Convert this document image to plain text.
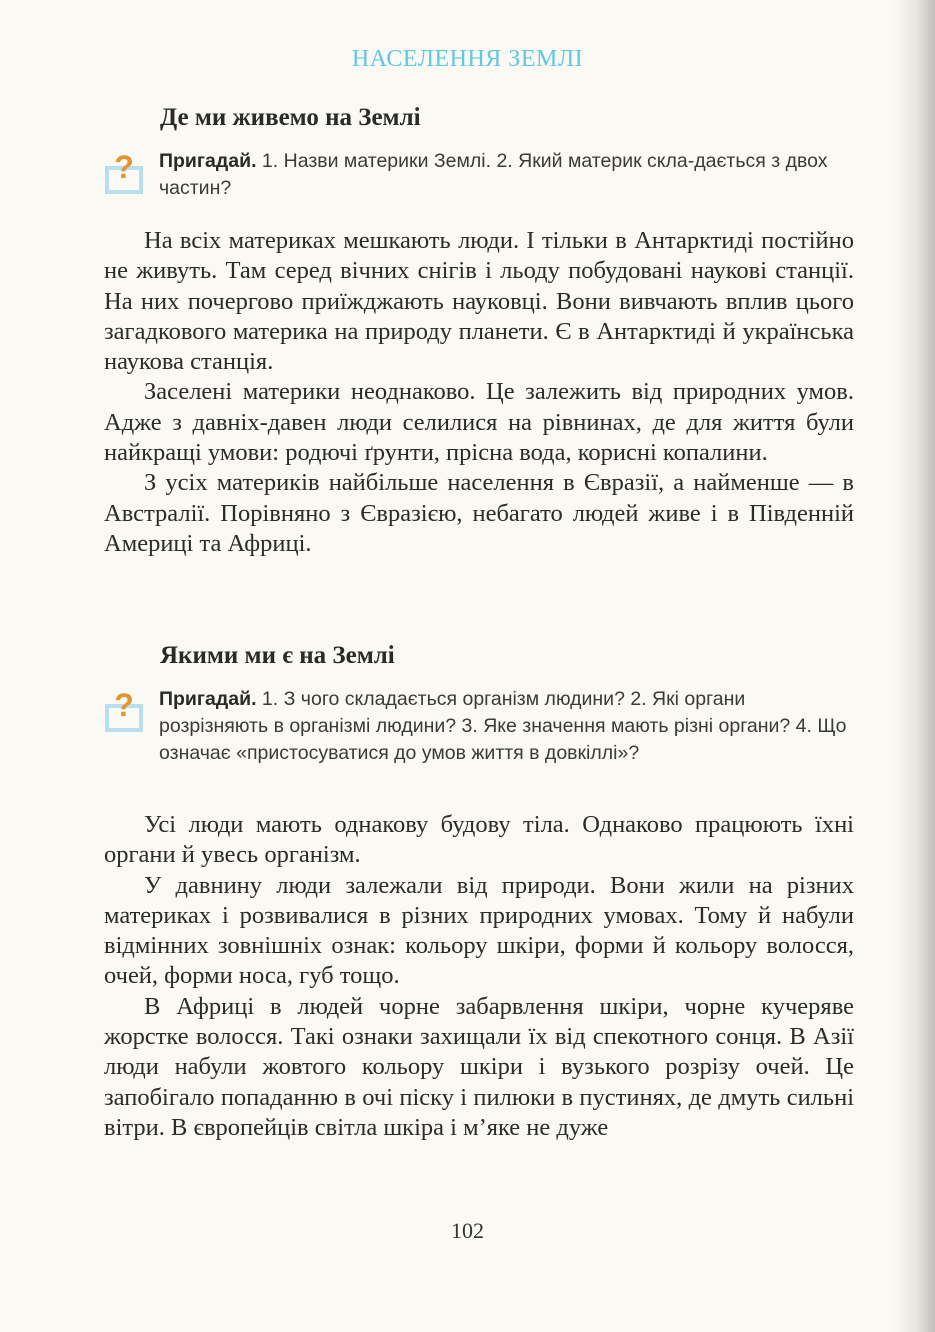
НАСЕЛЕННЯ ЗЕМЛІ
Де ми живемо на Землі
? Пригадай. 1. Назви материки Землі. 2. Який материк скла-дається з двох частин?

На всіх материках мешкають люди. І тільки в Антарктиді постійно не живуть. Там серед вічних снігів і льоду побудовані наукові станції. На них почергово приїжджають науковці. Вони вивчають вплив цього загадкового материка на природу планети. Є в Антарктиді й українська наукова станція.

Заселені материки неоднаково. Це залежить від природних умов. Адже з давніх-давен люди селилися на рівнинах, де для життя були найкращі умови: родючі ґрунти, прісна вода, корисні копалини.

З усіх материків найбільше населення в Євразії, а найменше — в Австралії. Порівняно з Євразією, небагато людей живе і в Південній Америці та Африці.

Якими ми є на Землі
? Пригадай. 1. З чого складається організм людини? 2. Які органи розрізняють в організмі людини? 3. Яке значення мають різні органи? 4. Що означає «пристосуватися до умов життя в довкіллі»?

Усі люди мають однакову будову тіла. Однаково працюють їхні органи й увесь організм.

У давнину люди залежали від природи. Вони жили на різних материках і розвивалися в різних природних умовах. Тому й набули відмінних зовнішніх ознак: кольору шкіри, форми й кольору волосся, очей, форми носа, губ тощо.

В Африці в людей чорне забарвлення шкіри, чорне кучеряве жорстке волосся. Такі ознаки захищали їх від спекотного сонця. В Азії люди набули жовтого кольору шкіри і вузького розрізу очей. Це запобігало попаданню в очі піску і пилюки в пустинях, де дмуть сильні вітри. В європейців світла шкіра і м’яке не дуже

102
